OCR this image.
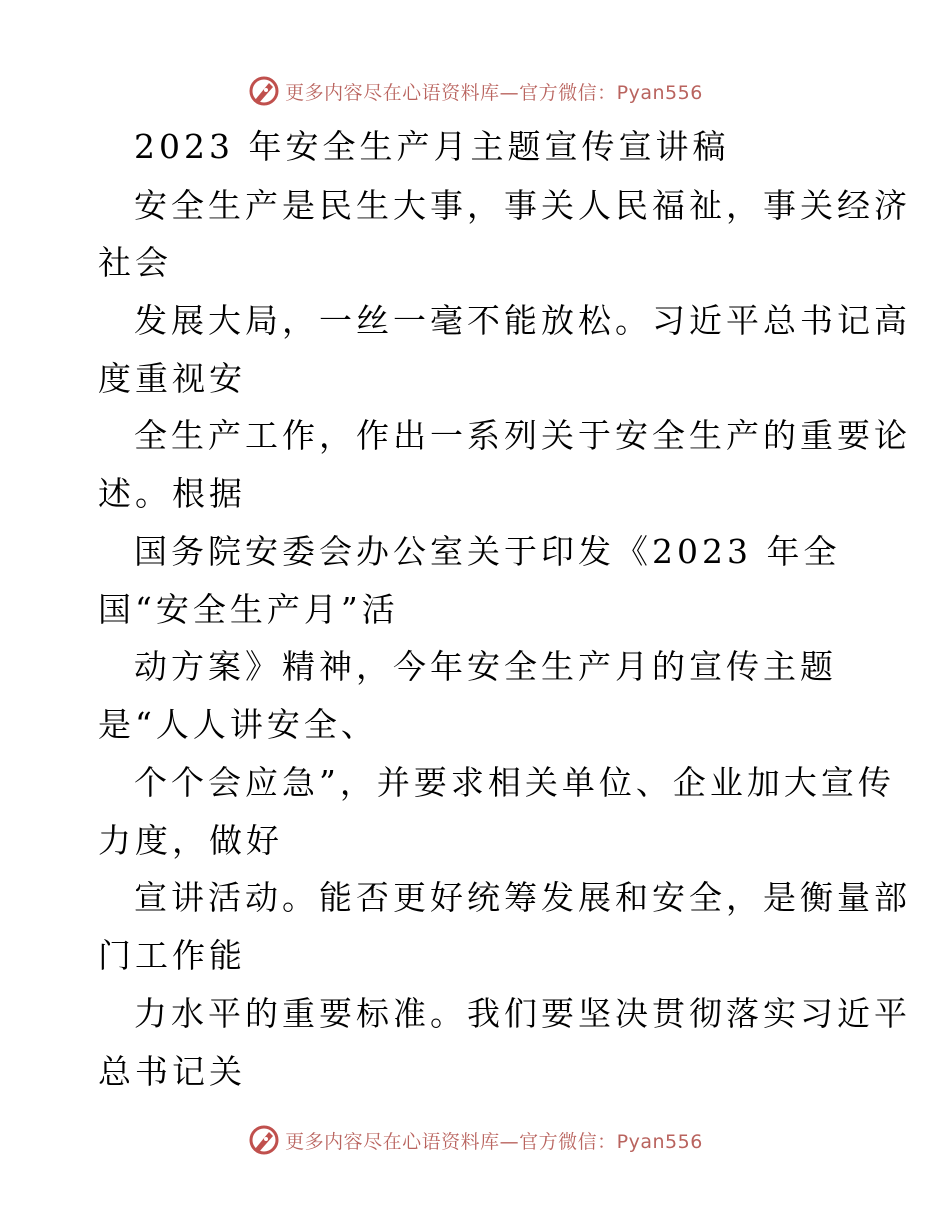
更多内容尽在心语资料库—官方微信：Pyan556

2023 年安全生产月主题宣传宣讲稿

安全生产是民生大事，事关人民福祉，事关经济

社会

发展大局，一丝一毫不能放松。习近平总书记高

度重视安

全生产工作，作出一系列关于安全生产的重要论

述。根据

国务院安委会办公室关于印发《2023 年全

国“安全生产月”活

动方案》精神，今年安全生产月的宣传主题

是“人人讲安全、

个个会应急”，并要求相关单位、企业加大宣传

力度，做好

宣讲活动。能否更好统筹发展和安全，是衡量部

门工作能

力水平的重要标准。我们要坚决贯彻落实习近平

总书记关

更多内容尽在心语资料库—官方微信：Pyan556
